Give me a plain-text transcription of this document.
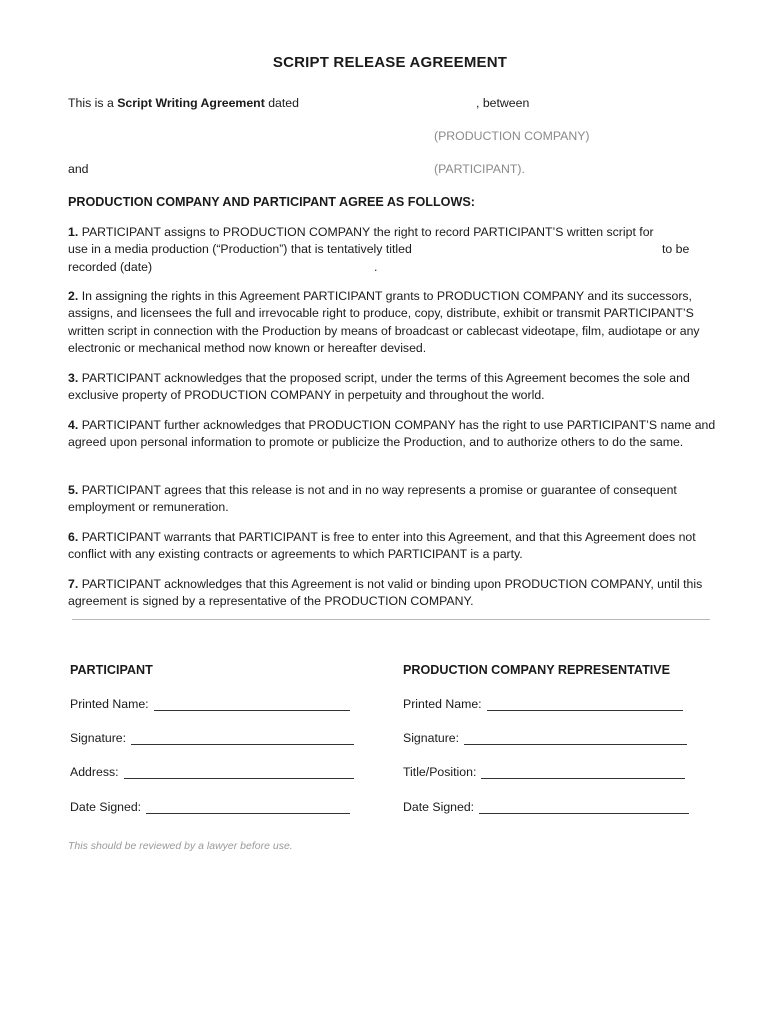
SCRIPT RELEASE AGREEMENT
This is a Script Writing Agreement dated	, between
(PRODUCTION COMPANY)
and	(PARTICIPANT).
PRODUCTION COMPANY AND PARTICIPANT AGREE AS FOLLOWS:
1. PARTICIPANT assigns to PRODUCTION COMPANY the right to record PARTICIPANT’S written script for
use in a media production (“Production”) that is tentatively titled	to be
recorded (date)	.
2. In assigning the rights in this Agreement PARTICIPANT grants to PRODUCTION COMPANY and its successors, assigns, and licensees the full and irrevocable right to produce, copy, distribute, exhibit or transmit PARTICIPANT’S written script in connection with the Production by means of broadcast or cablecast videotape, film, audiotape or any electronic or mechanical method now known or hereafter devised.
3. PARTICIPANT acknowledges that the proposed script, under the terms of this Agreement becomes the sole and exclusive property of PRODUCTION COMPANY in perpetuity and throughout the world.
4. PARTICIPANT further acknowledges that PRODUCTION COMPANY has the right to use PARTICIPANT’S name and agreed upon personal information to promote or publicize the Production, and to authorize others to do the same.
5. PARTICIPANT agrees that this release is not and in no way represents a promise or guarantee of consequent employment or remuneration.
6. PARTICIPANT warrants that PARTICIPANT is free to enter into this Agreement, and that this Agreement does not conflict with any existing contracts or agreements to which PARTICIPANT is a party.
7. PARTICIPANT acknowledges that this Agreement is not valid or binding upon PRODUCTION COMPANY, until this agreement is signed by a representative of the PRODUCTION COMPANY.
PARTICIPANT
Printed Name:
Signature:
Address:
Date Signed:
PRODUCTION COMPANY REPRESENTATIVE
Printed Name:
Signature:
Title/Position:
Date Signed:
This should be reviewed by a lawyer before use.
